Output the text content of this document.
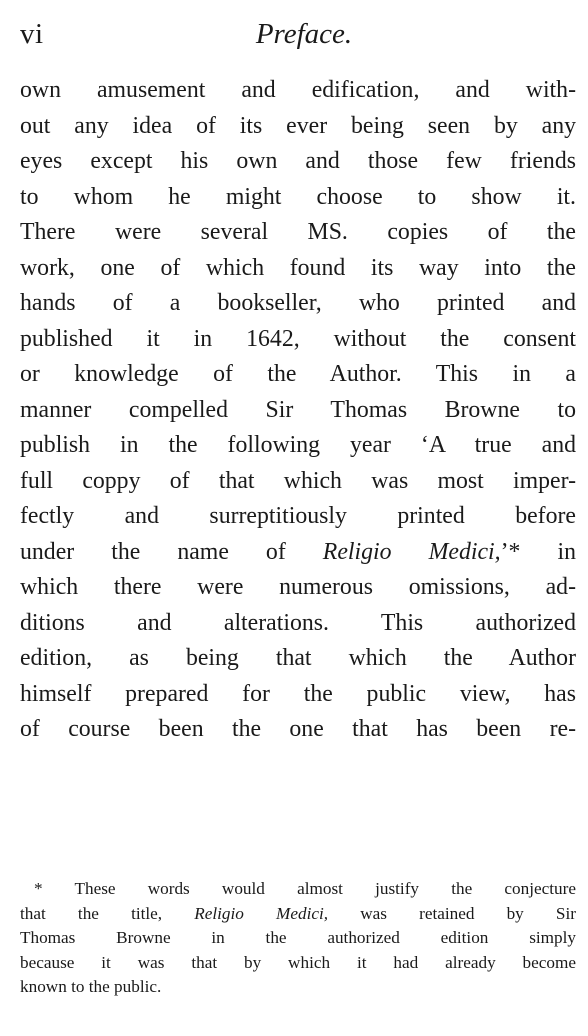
vi	Preface.
own amusement and edification, and with-
out any idea of its ever being seen by any
eyes except his own and those few friends
to whom he might choose to show it.
There were several MS. copies of the
work, one of which found its way into the
hands of a bookseller, who printed and
published it in 1642, without the consent
or knowledge of the Author. This in a
manner compelled Sir Thomas Browne to
publish in the following year ‘A true and
full coppy of that which was most imper-
fectly and surreptitiously printed before
under the name of Religio Medici,’* in
which there were numerous omissions, ad-
ditions and alterations. This authorized
edition, as being that which the Author
himself prepared for the public view, has
of course been the one that has been re-
* These words would almost justify the conjecture
that the title, Religio Medici, was retained by Sir
Thomas Browne in the authorized edition simply
because it was that by which it had already become
known to the public.
